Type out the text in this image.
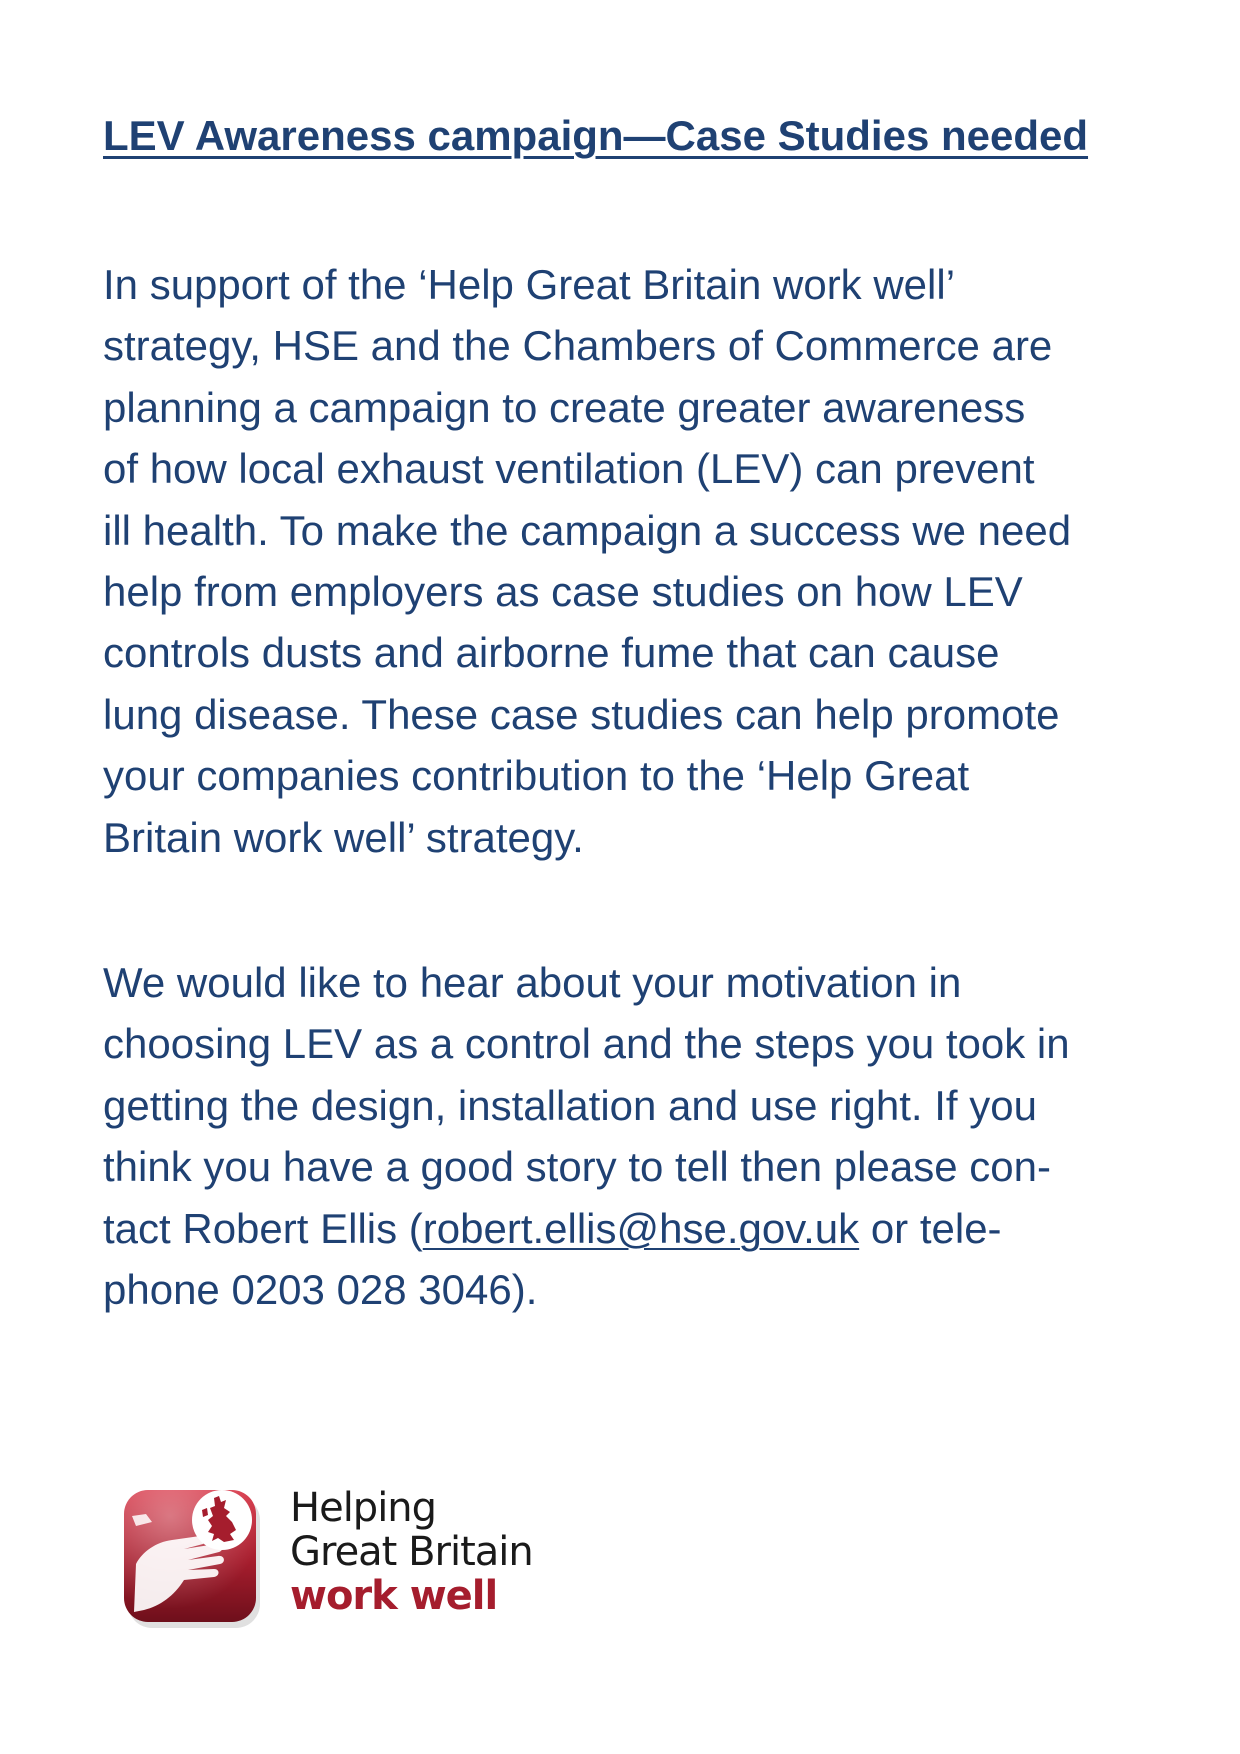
LEV Awareness campaign—Case Studies needed

In support of the ‘Help Great Britain work well’
strategy, HSE and the Chambers of Commerce are
planning a campaign to create greater awareness
of how local exhaust ventilation (LEV) can prevent
ill health. To make the campaign a success we need
help from employers as case studies on how LEV
controls dusts and airborne fume that can cause
lung disease. These case studies can help promote
your companies contribution to the ‘Help Great
Britain work well’ strategy.

We would like to hear about your motivation in
choosing LEV as a control and the steps you took in
getting the design, installation and use right. If you
think you have a good story to tell then please con-
tact Robert Ellis (robert.ellis@hse.gov.uk or tele-
phone 0203 028 3046).

Helping
Great Britain
work well
